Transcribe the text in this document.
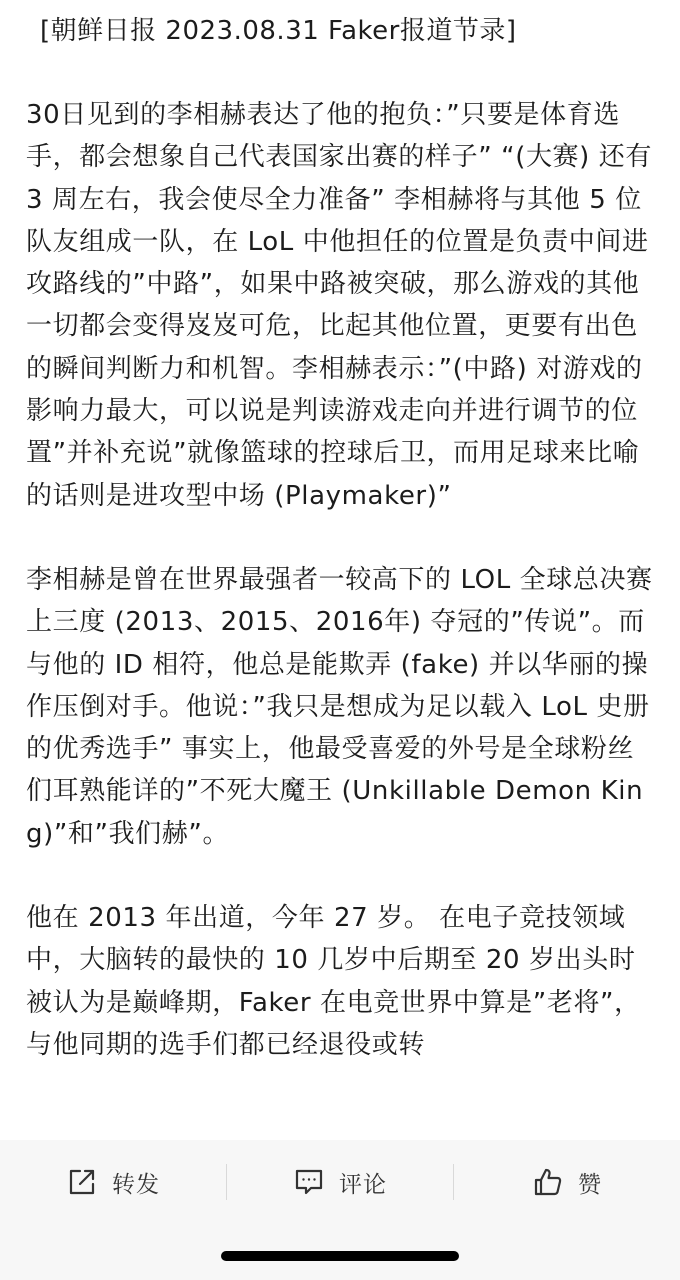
[朝鲜日报 2023.08.31 Faker报道节录]

30日见到的李相赫表达了他的抱负：”只要是体育选手，都会想象自己代表国家出赛的样子” “(大赛) 还有 3 周左右，我会使尽全力准备” 李相赫将与其他 5 位队友组成一队，在 LoL 中他担任的位置是负责中间进攻路线的”中路”，如果中路被突破，那么游戏的其他一切都会变得岌岌可危，比起其他位置，更要有出色的瞬间判断力和机智。李相赫表示：”(中路) 对游戏的影响力最大，可以说是判读游戏走向并进行调节的位置”并补充说”就像篮球的控球后卫，而用足球来比喻的话则是进攻型中场 (Playmaker)”

李相赫是曾在世界最强者一较高下的 LOL 全球总决赛上三度 (2013、2015、2016年) 夺冠的”传说”。而与他的 ID 相符，他总是能欺弄 (fake) 并以华丽的操作压倒对手。他说：”我只是想成为足以载入 LoL 史册的优秀选手” 事实上，他最受喜爱的外号是全球粉丝们耳熟能详的”不死大魔王 (Unkillable Demon King)”和”我们赫”。

他在 2013 年出道，今年 27 岁。 在电子竞技领域中，大脑转的最快的 10 几岁中后期至 20 岁出头时被认为是巅峰期，Faker 在电竞世界中算是”老将”，与他同期的选手们都已经退役或转

转发	评论	赞
